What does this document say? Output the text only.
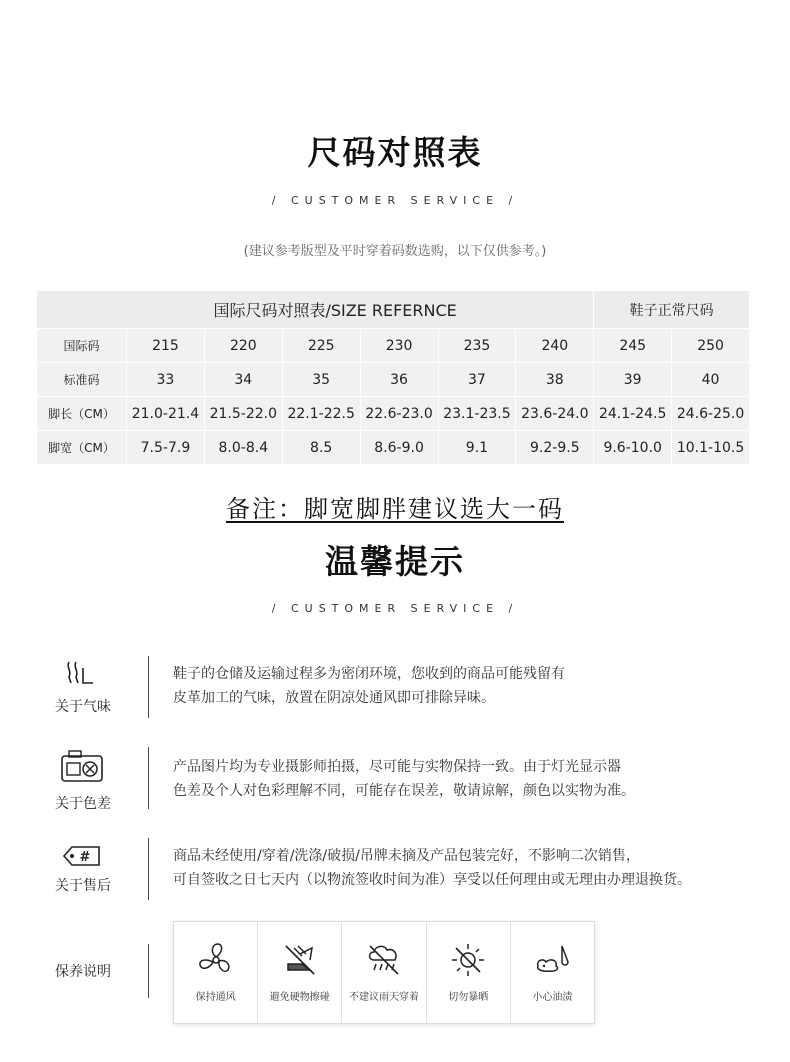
尺码对照表
/ CUSTOMER SERVICE /
(建议参考版型及平时穿着码数选购，以下仅供参考。)
国际尺码对照表/SIZE REFERNCE							鞋子正常尺码	
国际码	215	220	225	230	235	240	245	250
标准码	33	34	35	36	37	38	39	40
脚长（CM）	21.0-21.4	21.5-22.0	22.1-22.5	22.6-23.0	23.1-23.5	23.6-24.0	24.1-24.5	24.6-25.0
脚宽（CM）	7.5-7.9	8.0-8.4	8.5	8.6-9.0	9.1	9.2-9.5	9.6-10.0	10.1-10.5
备注：脚宽脚胖建议选大一码
温馨提示
/ CUSTOMER SERVICE /
关于气味
鞋子的仓储及运输过程多为密闭环境，您收到的商品可能残留有
皮革加工的气味，放置在阴凉处通风即可排除异味。
关于色差
产品图片均为专业摄影师拍摄，尽可能与实物保持一致。由于灯光显示器
色差及个人对色彩理解不同，可能存在误差，敬请谅解，颜色以实物为准。
#
关于售后
商品未经使用/穿着/洗涤/破损/吊牌未摘及产品包装完好，不影响二次销售，
可自签收之日七天内（以物流签收时间为准）享受以任何理由或无理由办理退换货。
保养说明
保持通风	避免硬物擦碰	不建议雨天穿着	切勿暴晒	小心油渍
